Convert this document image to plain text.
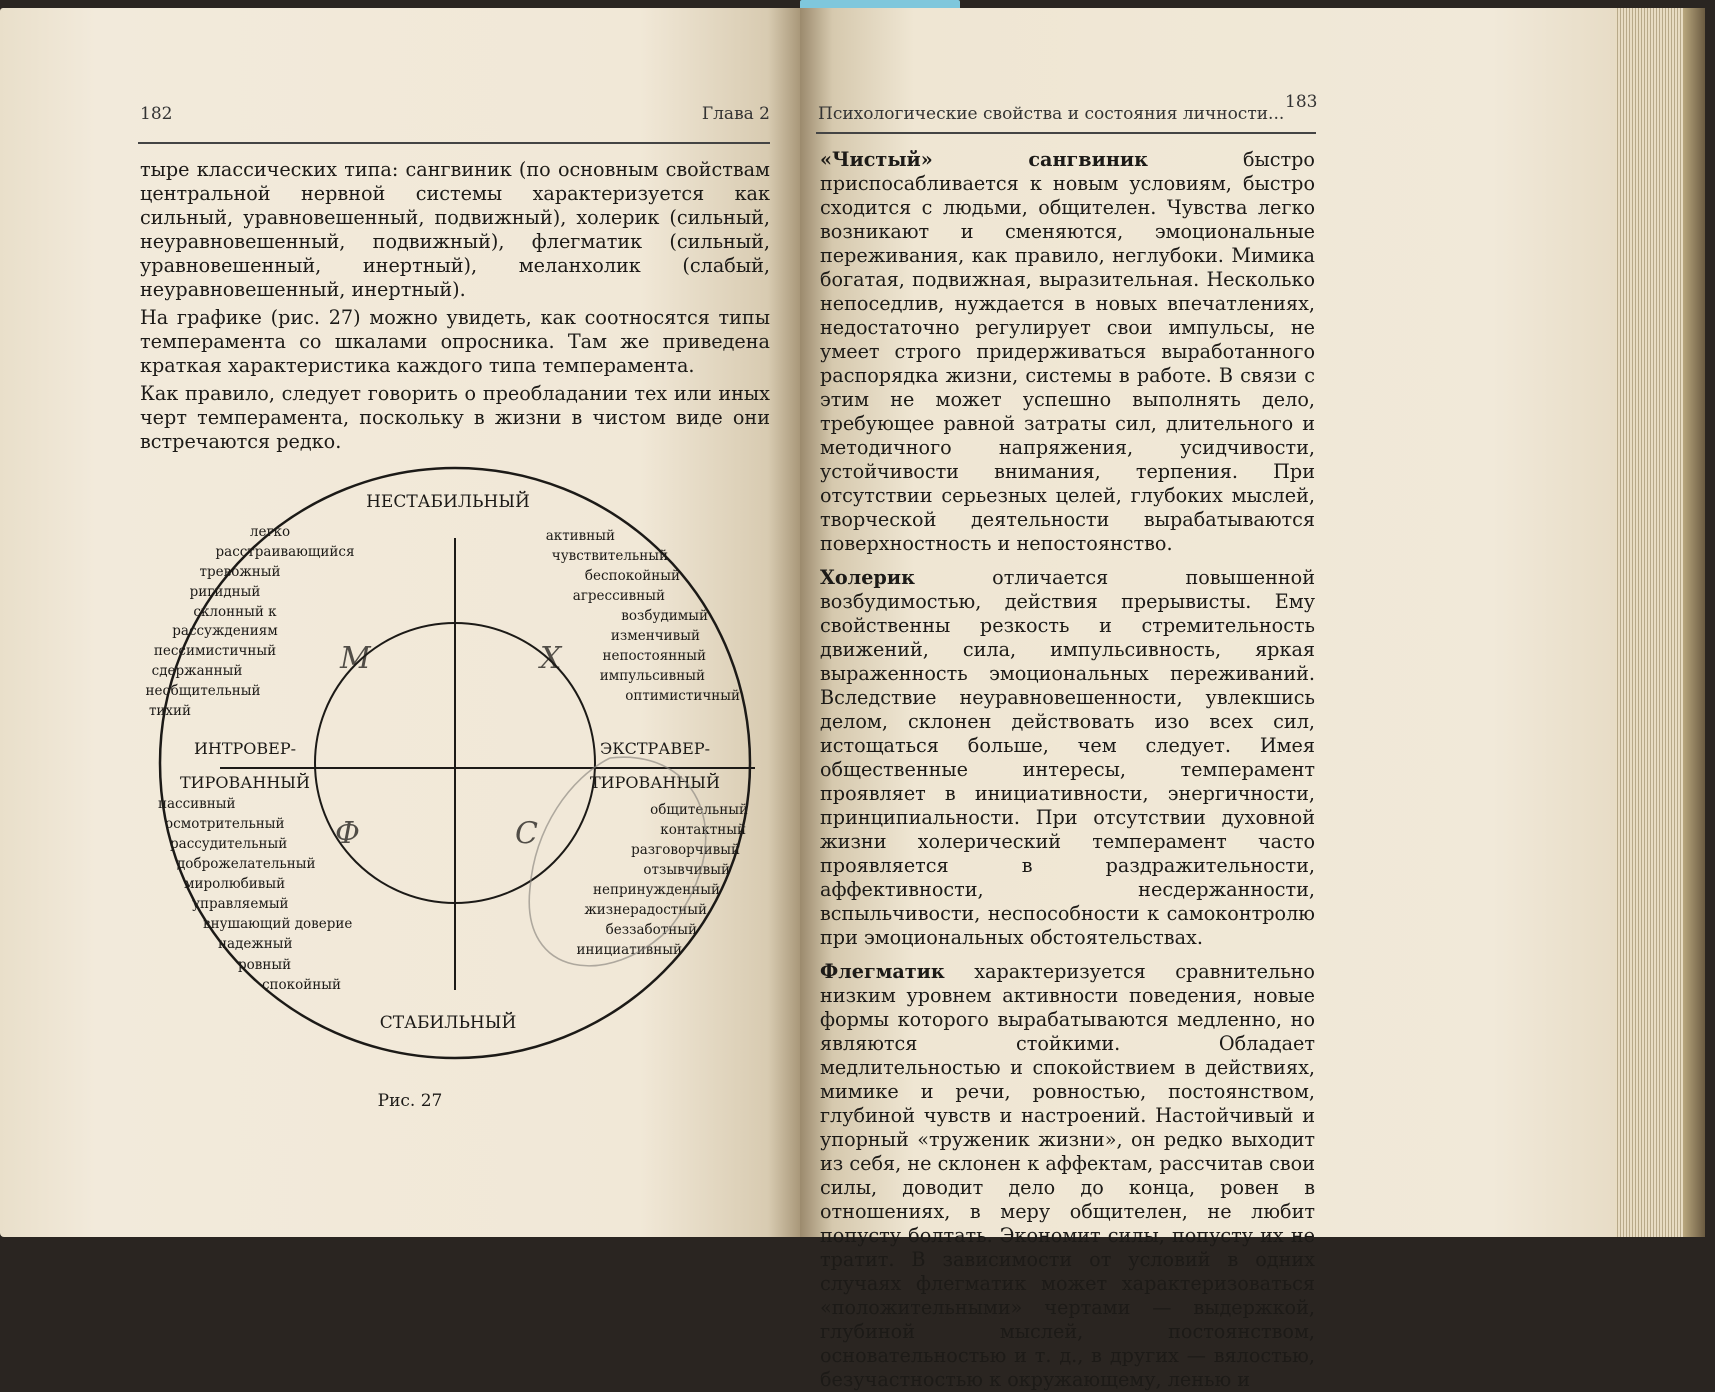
182	Глава 2

тыре классических типа: сангвиник (по основным свойствам центральной нервной системы характеризуется как сильный, уравновешенный, подвижный), холерик (сильный, неуравновешенный, подвижный), флегматик (сильный, уравновешенный, инертный), меланхолик (слабый, неуравновешенный, инертный).

На графике (рис. 27) можно увидеть, как соотносятся типы темперамента со шкалами опросника. Там же приведена краткая характеристика каждого типа темперамента.

Как правило, следует говорить о преобладании тех или иных черт темперамента, поскольку в жизни в чистом виде они встречаются редко.

НЕСТАБИЛЬНЫЙ
СТАБИЛЬНЫЙ
ИНТРОВЕР-
ТИРОВАННЫЙ
ЭКСТРАВЕР-
ТИРОВАННЫЙ
легко
расстраивающийся
тревожный
ригидный
склонный к
рассуждениям
пессимистичный
сдержанный
необщительный
тихий
активный
чувствительный
беспокойный
агрессивный
возбудимый
изменчивый
непостоянный
импульсивный
оптимистичный
пассивный
осмотрительный
рассудительный
доброжелательный
миролюбивый
управляемый
внушающий доверие
надежный
ровный
спокойный
общительный
контактный
разговорчивый
отзывчивый
непринужденный
жизнерадостный
беззаботный
инициативный
М	Х
Ф	С
Рис. 27
Психологические свойства и состояния личности...
183

«Чистый» сангвиник быстро приспосабливается к новым условиям, быстро сходится с людьми, общителен. Чувства легко возникают и сменяются, эмоциональные переживания, как правило, неглубоки. Мимика богатая, подвижная, выразительная. Несколько непоседлив, нуждается в новых впечатлениях, недостаточно регулирует свои импульсы, не умеет строго придерживаться выработанного распорядка жизни, системы в работе. В связи с этим не может успешно выполнять дело, требующее равной затраты сил, длительного и методичного напряжения, усидчивости, устойчивости внимания, терпения. При отсутствии серьезных целей, глубоких мыслей, творческой деятельности вырабатываются поверхностность и непостоянство.

Холерик отличается повышенной возбудимостью, действия прерывисты. Ему свойственны резкость и стремительность движений, сила, импульсивность, яркая выраженность эмоциональных переживаний. Вследствие неуравновешенности, увлекшись делом, склонен действовать изо всех сил, истощаться больше, чем следует. Имея общественные интересы, темперамент проявляет в инициативности, энергичности, принципиальности. При отсутствии духовной жизни холерический темперамент часто проявляется в раздражительности, аффективности, несдержанности, вспыльчивости, неспособности к самоконтролю при эмоциональных обстоятельствах.

Флегматик характеризуется сравнительно низким уровнем активности поведения, новые формы которого вырабатываются медленно, но являются стойкими. Обладает медлительностью и спокойствием в действиях, мимике и речи, ровностью, постоянством, глубиной чувств и настроений. Настойчивый и упорный «труженик жизни», он редко выходит из себя, не склонен к аффектам, рассчитав свои силы, доводит дело до конца, ровен в отношениях, в меру общителен, не любит попусту болтать. Экономит силы, попусту их не тратит. В зависимости от условий в одних случаях флегматик может характеризоваться «положительными» чертами — выдержкой, глубиной мыслей, постоянством, основательностью и т. д., в других — вялостью, безучастностью к окружающему, ленью и
